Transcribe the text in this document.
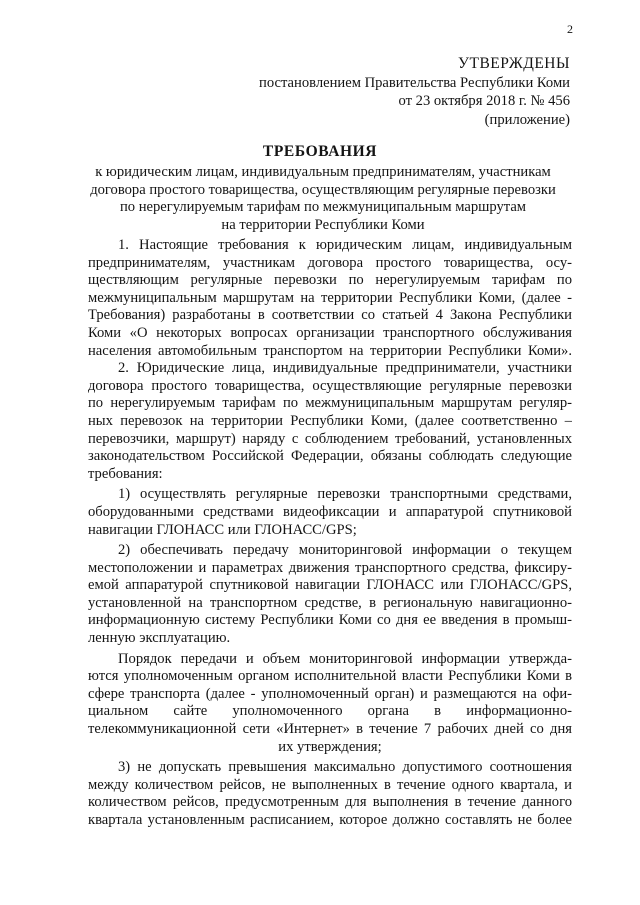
2
УТВЕРЖДЕНЫ
постановлением Правительства Республики Коми
от 23 октября 2018 г. № 456
(приложение)
ТРЕБОВАНИЯ
к юридическим лицам, индивидуальным предпринимателям, участникам
договора простого товарищества, осуществляющим регулярные перевозки
по нерегулируемым тарифам по межмуниципальным маршрутам
на территории Республики Коми
1. Настоящие требования к юридическим лицам, индивидуальным
предпринимателям, участникам договора простого товарищества, осу-
ществляющим регулярные перевозки по нерегулируемым тарифам по
межмуниципальным маршрутам на территории Республики Коми, (далее -
Требования) разработаны в соответствии со статьей 4 Закона Республики
Коми «О некоторых вопросах организации транспортного обслуживания
населения автомобильным транспортом на территории Республики Коми».
2. Юридические лица, индивидуальные предприниматели, участники
договора простого товарищества, осуществляющие регулярные перевозки
по нерегулируемым тарифам по межмуниципальным маршрутам регуляр-
ных перевозок на территории Республики Коми, (далее соответственно –
перевозчики, маршрут) наряду с соблюдением требований, установленных
законодательством Российской Федерации, обязаны соблюдать следующие
требования:
1) осуществлять регулярные перевозки транспортными средствами,
оборудованными средствами видеофиксации и аппаратурой спутниковой
навигации ГЛОНАСС или ГЛОНАСС/GPS;
2) обеспечивать передачу мониторинговой информации о текущем
местоположении и параметрах движения транспортного средства, фиксиру-
емой аппаратурой спутниковой навигации ГЛОНАСС или ГЛОНАСС/GPS,
установленной на транспортном средстве, в региональную навигационно-
информационную систему Республики Коми со дня ее введения в промыш-
ленную эксплуатацию.
Порядок передачи и объем мониторинговой информации утвержда-
ются уполномоченным органом исполнительной власти Республики Коми в
сфере транспорта (далее - уполномоченный орган) и размещаются на офи-
циальном сайте уполномоченного органа в информационно-
телекоммуникационной сети «Интернет» в течение 7 рабочих дней со дня
их утверждения;
3) не допускать превышения максимально допустимого соотношения
между количеством рейсов, не выполненных в течение одного квартала, и
количеством рейсов, предусмотренным для выполнения в течение данного
квартала установленным расписанием, которое должно составлять не более
